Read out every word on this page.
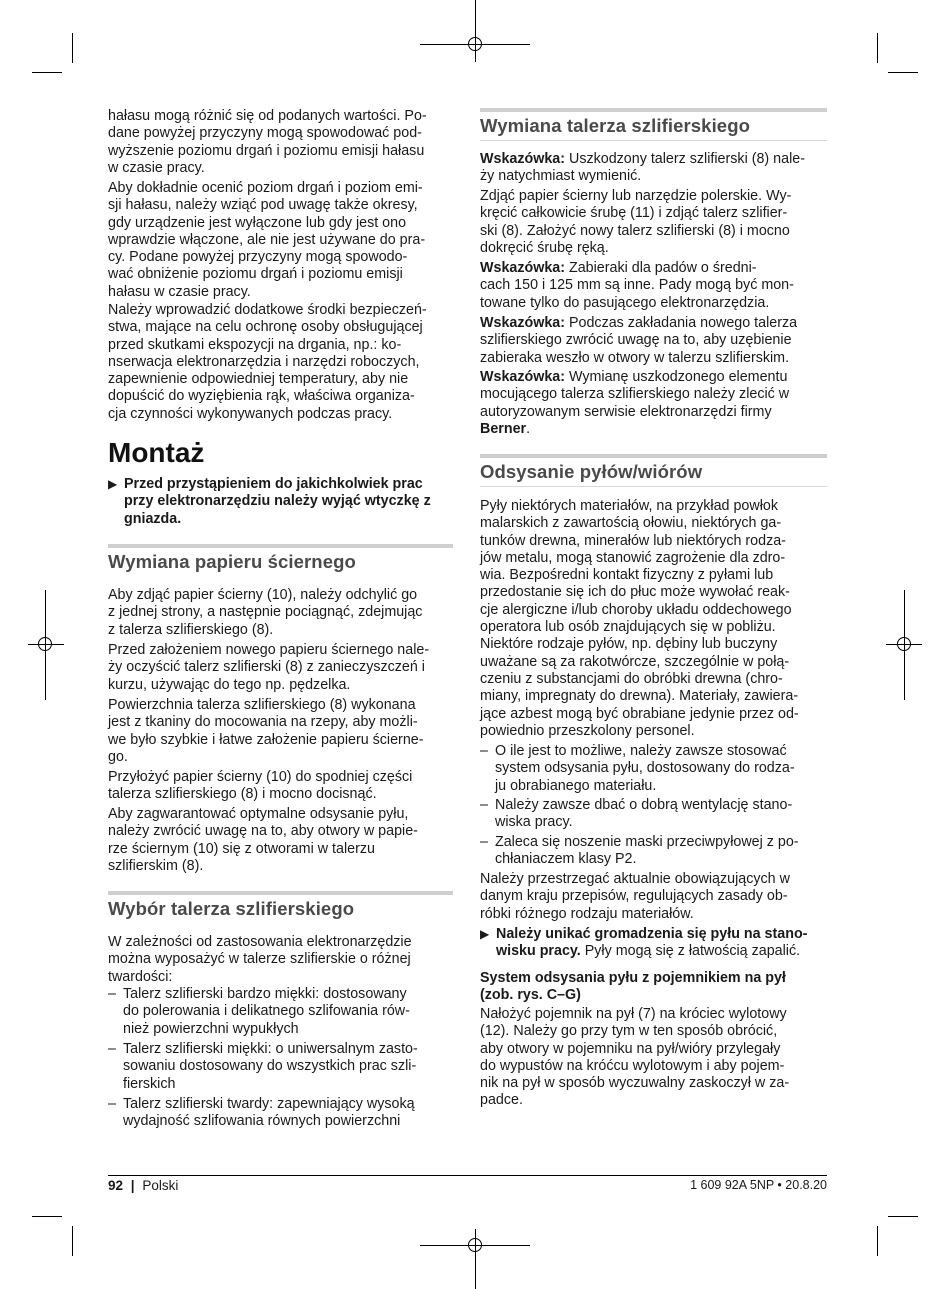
hałasu mogą różnić się od podanych wartości. Po-
dane powyżej przyczyny mogą spowodować pod-
wyższenie poziomu drgań i poziomu emisji hałasu
w czasie pracy.

Aby dokładnie ocenić poziom drgań i poziom emi-
sji hałasu, należy wziąć pod uwagę także okresy,
gdy urządzenie jest wyłączone lub gdy jest ono
wprawdzie włączone, ale nie jest używane do pra-
cy. Podane powyżej przyczyny mogą spowodo-
wać obniżenie poziomu drgań i poziomu emisji
hałasu w czasie pracy.

Należy wprowadzić dodatkowe środki bezpieczeń-
stwa, mające na celu ochronę osoby obsługującej
przed skutkami ekspozycji na drgania, np.: ko-
nserwacja elektronarzędzia i narzędzi roboczych,
zapewnienie odpowiedniej temperatury, aby nie
dopuścić do wyziębienia rąk, właściwa organiza-
cja czynności wykonywanych podczas pracy.

Montaż
▶ Przed przystąpieniem do jakichkolwiek prac
przy elektronarzędziu należy wyjąć wtyczkę z
gniazda.

Wymiana papieru ściernego

Aby zdjąć papier ścierny (10), należy odchylić go
z jednej strony, a następnie pociągnąć, zdejmując
z talerza szlifierskiego (8).

Przed założeniem nowego papieru ściernego nale-
ży oczyścić talerz szlifierski (8) z zanieczyszczeń i
kurzu, używając do tego np. pędzelka.

Powierzchnia talerza szlifierskiego (8) wykonana
jest z tkaniny do mocowania na rzepy, aby możli-
we było szybkie i łatwe założenie papieru ścierne-
go.

Przyłożyć papier ścierny (10) do spodniej części
talerza szlifierskiego (8) i mocno docisnąć.

Aby zagwarantować optymalne odsysanie pyłu,
należy zwrócić uwagę na to, aby otwory w papie-
rze ściernym (10) się z otworami w talerzu
szlifierskim (8).

Wybór talerza szlifierskiego

W zależności od zastosowania elektronarzędzie
można wyposażyć w talerze szlifierskie o różnej
twardości:

– Talerz szlifierski bardzo miękki: dostosowany
do polerowania i delikatnego szlifowania rów-
nież powierzchni wypukłych

– Talerz szlifierski miękki: o uniwersalnym zasto-
sowaniu dostosowany do wszystkich prac szli-
fierskich

– Talerz szlifierski twardy: zapewniający wysoką
wydajność szlifowania równych powierzchni

Wymiana talerza szlifierskiego

Wskazówka: Uszkodzony talerz szlifierski (8) nale-
ży natychmiast wymienić.

Zdjąć papier ścierny lub narzędzie polerskie. Wy-
kręcić całkowicie śrubę (11) i zdjąć talerz szlifier-
ski (8). Założyć nowy talerz szlifierski (8) i mocno
dokręcić śrubę ręką.

Wskazówka: Zabieraki dla padów o średni-
cach 150 i 125 mm są inne. Pady mogą być mon-
towane tylko do pasującego elektronarzędzia.

Wskazówka: Podczas zakładania nowego talerza
szlifierskiego zwrócić uwagę na to, aby uzębienie
zabieraka weszło w otwory w talerzu szlifierskim.

Wskazówka: Wymianę uszkodzonego elementu
mocującego talerza szlifierskiego należy zlecić w
autoryzowanym serwisie elektronarzędzi firmy
Berner.

Odsysanie pyłów/wiórów

Pyły niektórych materiałów, na przykład powłok
malarskich z zawartością ołowiu, niektórych ga-
tunków drewna, minerałów lub niektórych rodza-
jów metalu, mogą stanowić zagrożenie dla zdro-
wia. Bezpośredni kontakt fizyczny z pyłami lub
przedostanie się ich do płuc może wywołać reak-
cje alergiczne i/lub choroby układu oddechowego
operatora lub osób znajdujących się w pobliżu.
Niektóre rodzaje pyłów, np. dębiny lub buczyny
uważane są za rakotwórcze, szczególnie w połą-
czeniu z substancjami do obróbki drewna (chro-
miany, impregnaty do drewna). Materiały, zawiera-
jące azbest mogą być obrabiane jedynie przez od-
powiednio przeszkolony personel.

– O ile jest to możliwe, należy zawsze stosować
system odsysania pyłu, dostosowany do rodza-
ju obrabianego materiału.

– Należy zawsze dbać o dobrą wentylację stano-
wiska pracy.

– Zaleca się noszenie maski przeciwpyłowej z po-
chłaniaczem klasy P2.

Należy przestrzegać aktualnie obowiązujących w
danym kraju przepisów, regulujących zasady ob-
róbki różnego rodzaju materiałów.

▶ Należy unikać gromadzenia się pyłu na stano-
wisku pracy. Pyły mogą się z łatwością zapalić.

System odsysania pyłu z pojemnikiem na pył
(zob. rys. C–G)

Nałożyć pojemnik na pył (7) na króciec wylotowy
(12). Należy go przy tym w ten sposób obrócić,
aby otwory w pojemniku na pył/wióry przylegały
do wypustów na króćcu wylotowym i aby pojem-
nik na pył w sposób wyczuwalny zaskoczył w za-
padce.

92 | Polski	1 609 92A 5NP • 20.8.20
